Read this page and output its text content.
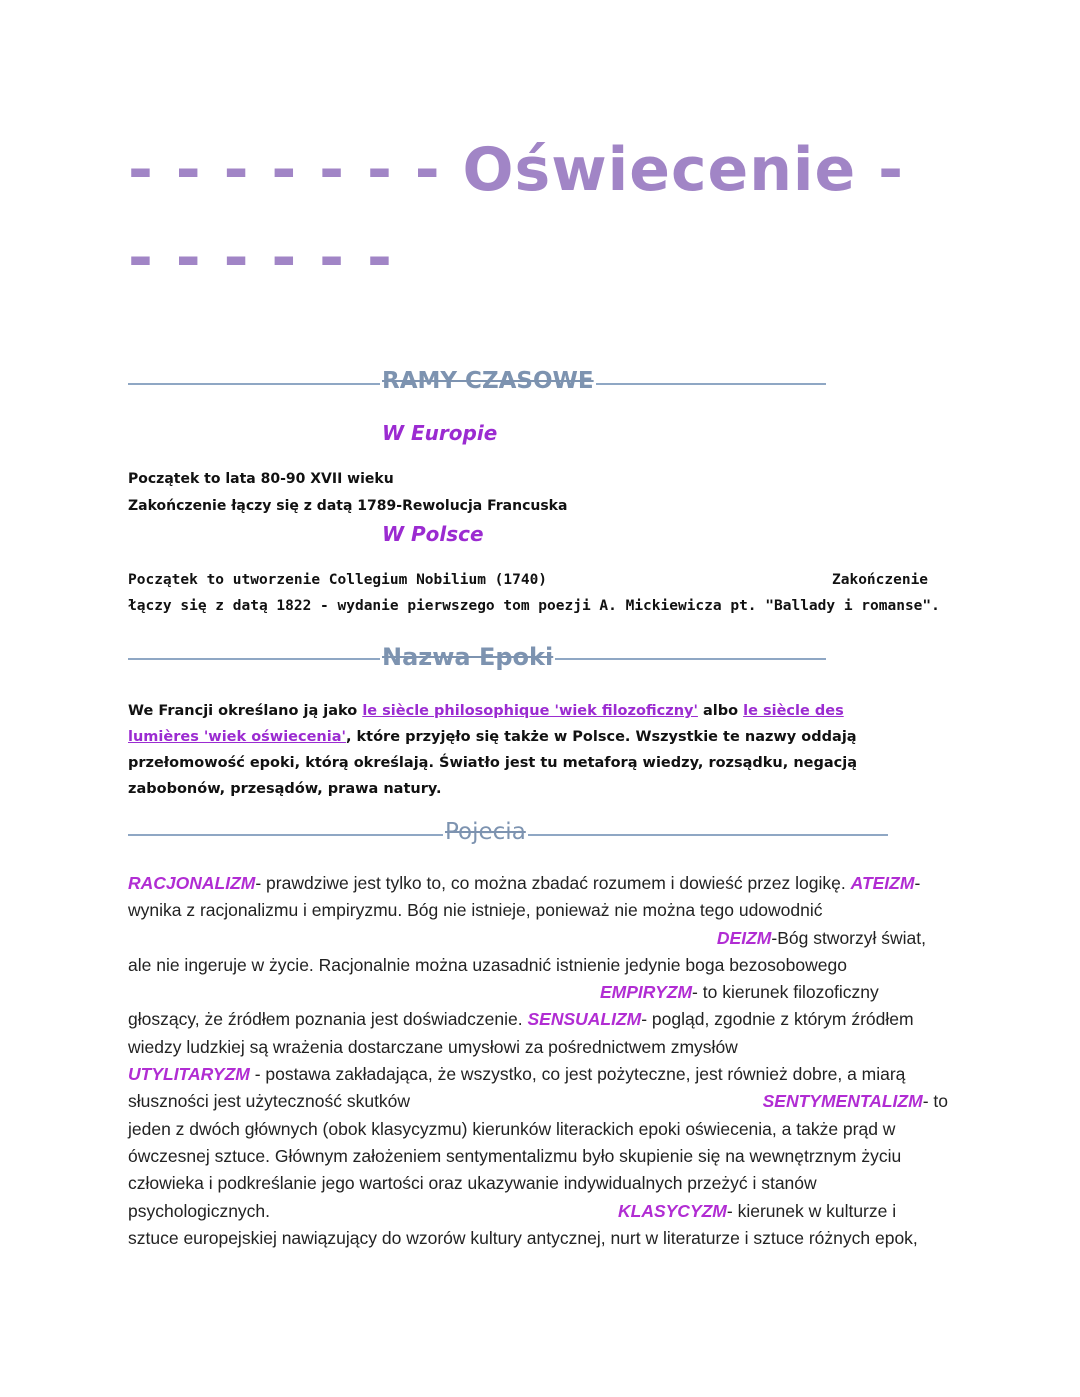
- - - - - - - Oświecenie -
- - - - - -
RAMY CZASOWE
W Europie

Początek to lata 80-90 XVII wieku

Zakończenie łączy się z datą 1789-Rewolucja Francuska

W Polsce

Początek to utworzenie Collegium Nobilium (1740)	Zakończenie

łączy się z datą 1822 - wydanie pierwszego tom poezji A. Mickiewicza pt. "Ballady i romanse".

Nazwa Epoki

We Francji określano ją jako le siècle philosophique 'wiek filozoficzny' albo le siècle des lumières 'wiek oświecenia', które przyjęło się także w Polsce. Wszystkie te nazwy oddają przełomowość epoki, którą określają. Światło jest tu metaforą wiedzy, rozsądku, negacją zabobonów, przesądów, prawa natury.

Pojecia
RACJONALIZM- prawdziwe jest tylko to, co można zbadać rozumem i dowieść przez logikę. ATEIZM-
wynika z racjonalizmu i empiryzmu. Bóg nie istnieje, ponieważ nie można tego udowodnić
DEIZM-Bóg stworzył świat,
ale nie ingeruje w życie. Racjonalnie można uzasadnić istnienie jedynie boga bezosobowego
EMPIRYZM- to kierunek filozoficzny
głoszący, że źródłem poznania jest doświadczenie. SENSUALIZM- pogląd, zgodnie z którym źródłem
wiedzy ludzkiej są wrażenia dostarczane umysłowi za pośrednictwem zmysłów
UTYLITARYZM - postawa zakładająca, że wszystko, co jest pożyteczne, jest również dobre, a miarą
słuszności jest użyteczność skutków	SENTYMENTALIZM- to
jeden z dwóch głównych (obok klasycyzmu) kierunków literackich epoki oświecenia, a także prąd w
ówczesnej sztuce. Głównym założeniem sentymentalizmu było skupienie się na wewnętrznym życiu
człowieka i podkreślanie jego wartości oraz ukazywanie indywidualnych przeżyć i stanów
psychologicznych.	KLASYCYZM- kierunek w kulturze i
sztuce europejskiej nawiązujący do wzorów kultury antycznej, nurt w literaturze i sztuce różnych epok,
